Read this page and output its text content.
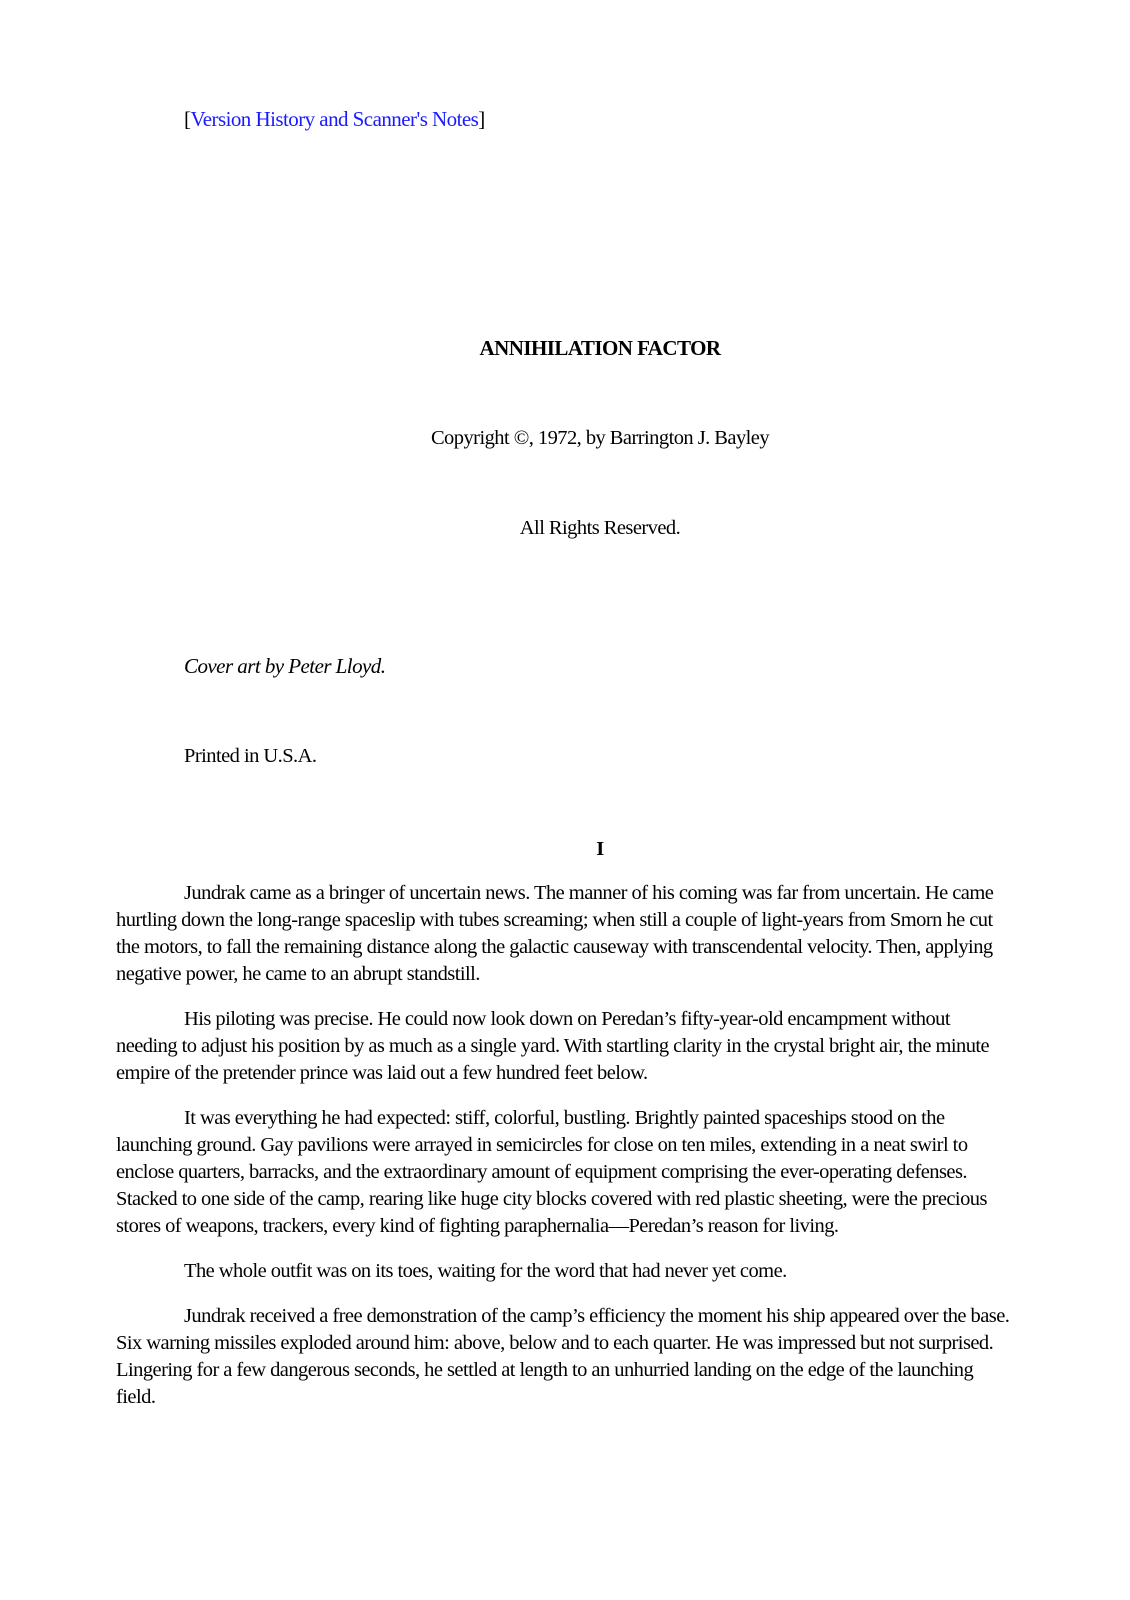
[Version History and Scanner's Notes]
ANNIHILATION FACTOR
Copyright ©, 1972, by Barrington J. Bayley
All Rights Reserved.
Cover art by Peter Lloyd.
Printed in U.S.A.
I

Jundrak came as a bringer of uncertain news. The manner of his coming was far from uncertain. He came hurtling down the long-range spaceslip with tubes screaming; when still a couple of light-years from Smorn he cut the motors, to fall the remaining distance along the galactic causeway with transcendental velocity. Then, applying negative power, he came to an abrupt standstill.

His piloting was precise. He could now look down on Peredan’s fifty-year-old encampment without needing to adjust his position by as much as a single yard. With startling clarity in the crystal bright air, the minute empire of the pretender prince was laid out a few hundred feet below.

It was everything he had expected: stiff, colorful, bustling. Brightly painted spaceships stood on the launching ground. Gay pavilions were arrayed in semicircles for close on ten miles, extending in a neat swirl to enclose quarters, barracks, and the extraordinary amount of equipment comprising the ever-operating defenses. Stacked to one side of the camp, rearing like huge city blocks covered with red plastic sheeting, were the precious stores of weapons, trackers, every kind of fighting paraphernalia—Peredan’s reason for living.

The whole outfit was on its toes, waiting for the word that had never yet come.

Jundrak received a free demonstration of the camp’s efficiency the moment his ship appeared over the base. Six warning missiles exploded around him: above, below and to each quarter. He was impressed but not surprised. Lingering for a few dangerous seconds, he settled at length to an unhurried landing on the edge of the launching field.
